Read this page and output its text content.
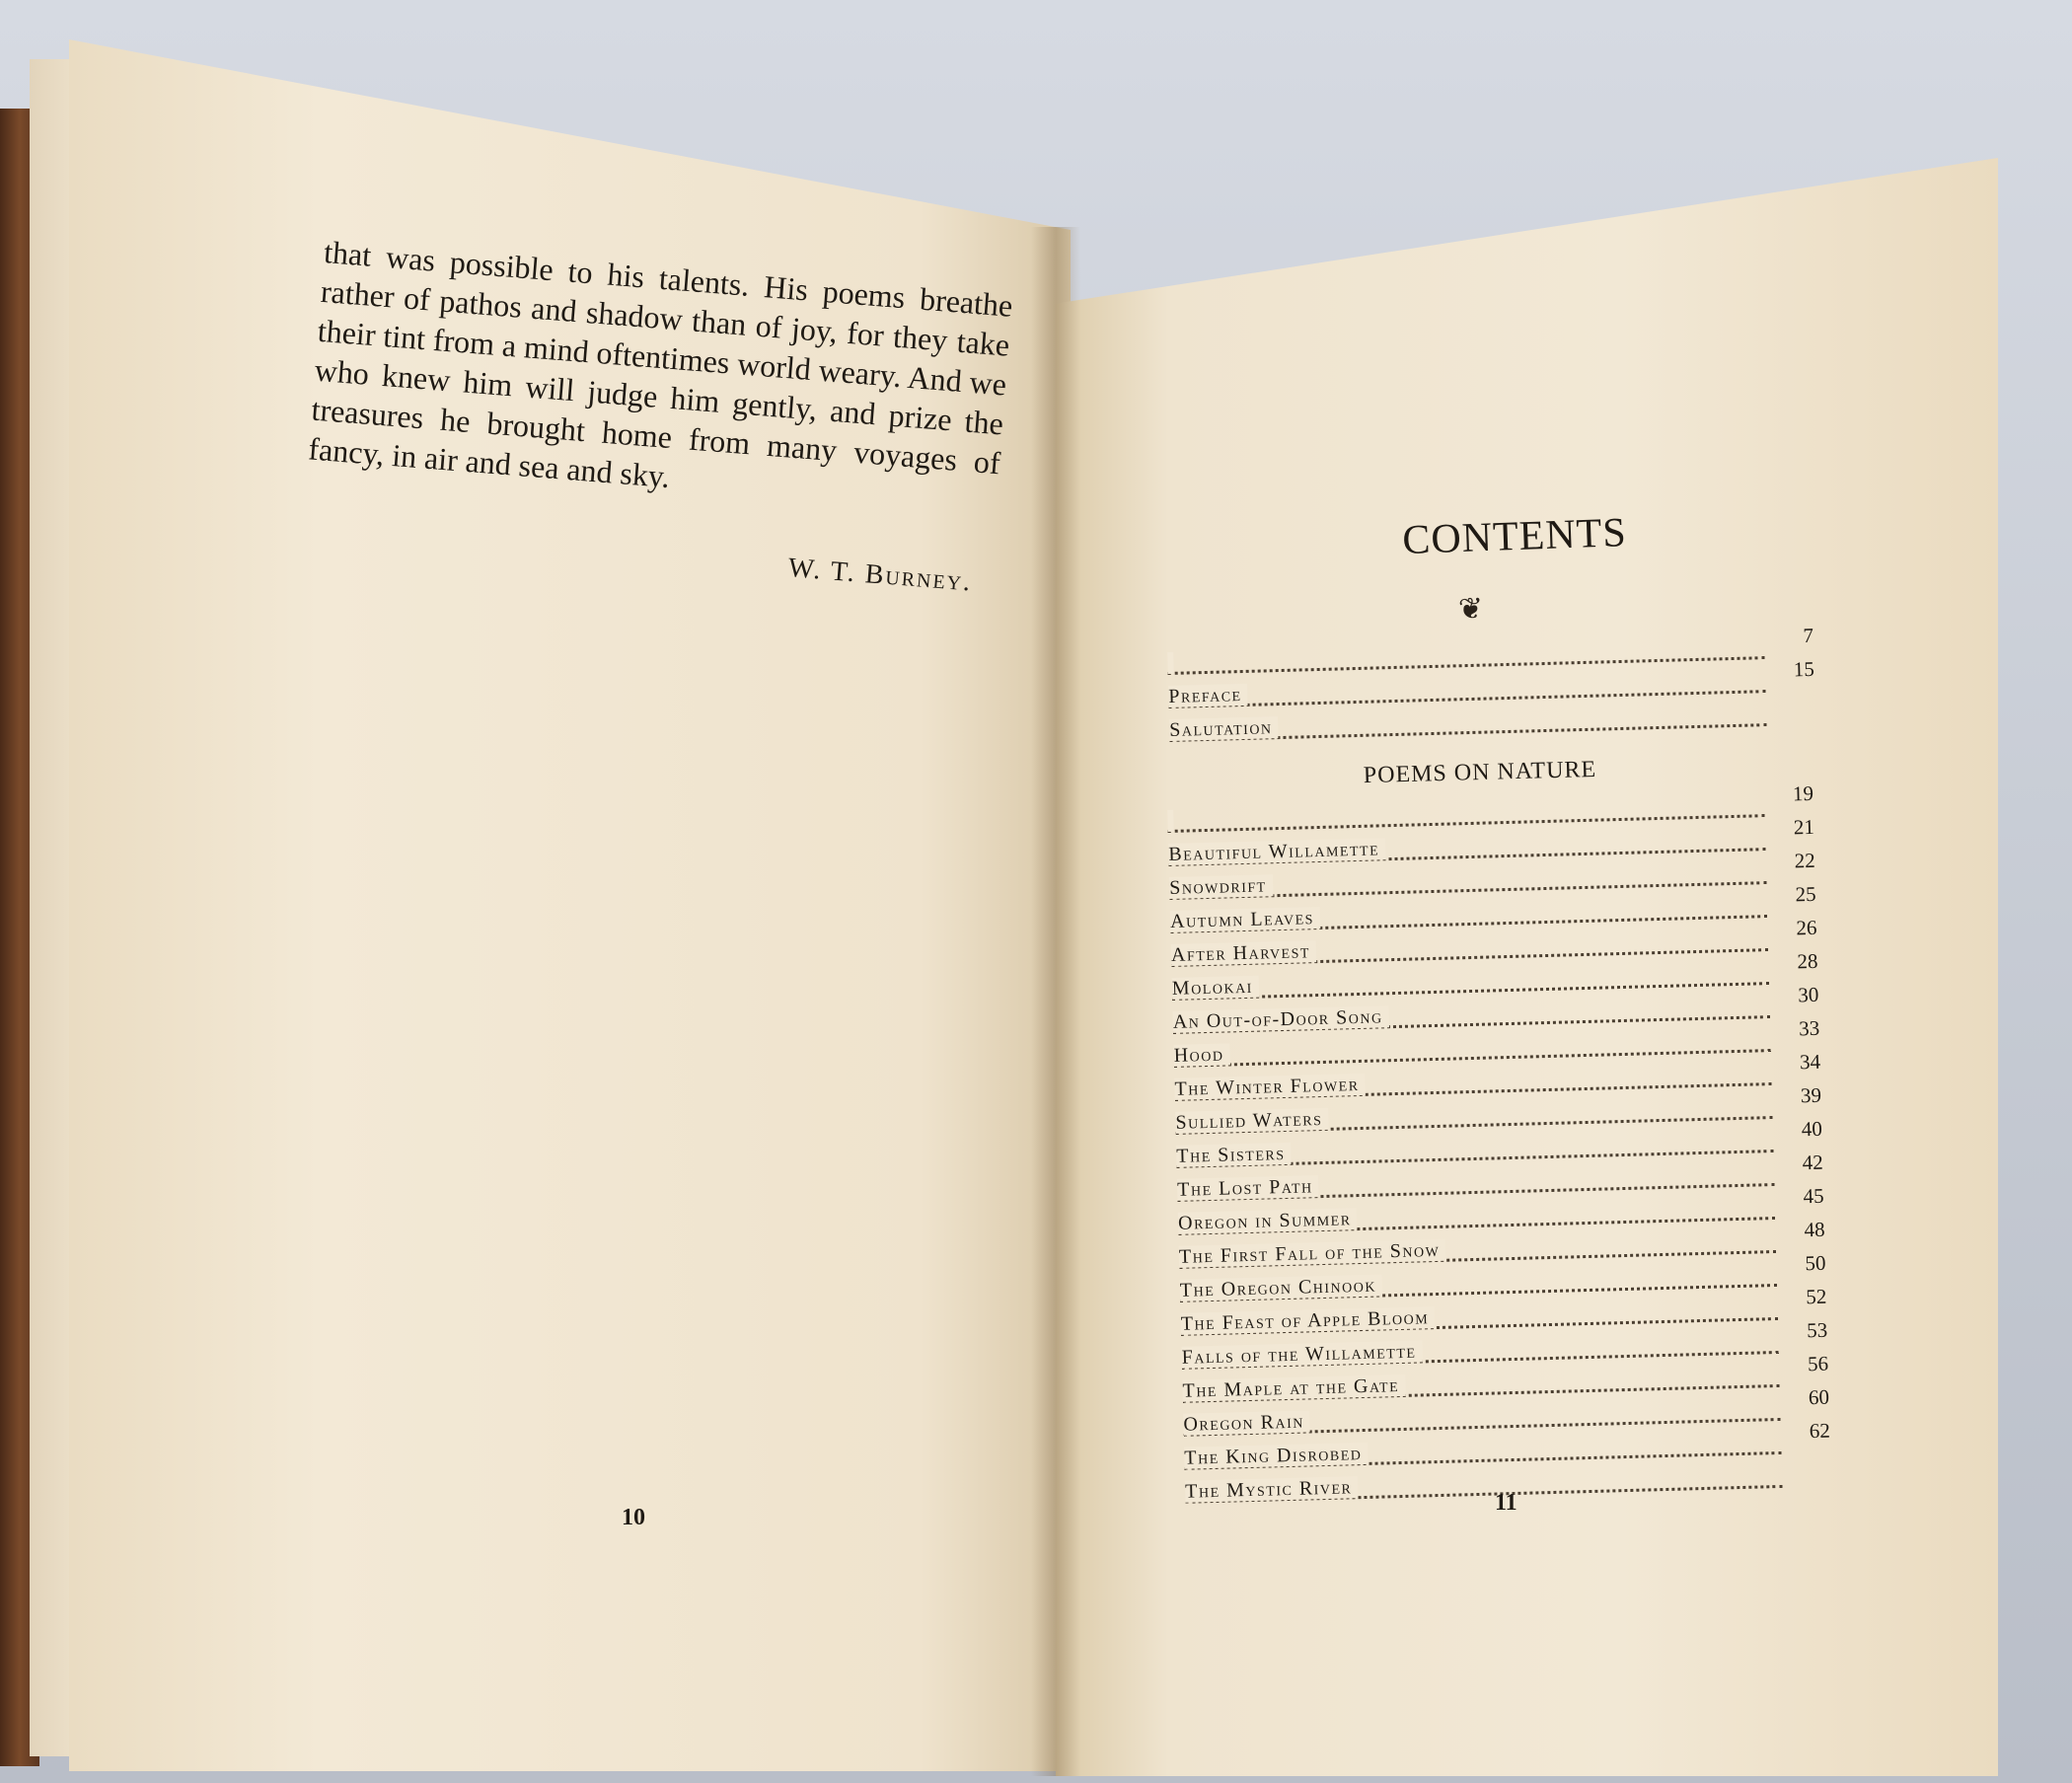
that was possible to his talents. His poems breathe rather of pathos and shadow than of joy, for they take their tint from a mind oftentimes world weary. And we who knew him will judge him gently, and prize the treasures he brought home from many voyages of fancy, in air and sea and sky.

W. T. Burney.
10
CONTENTS
❦
7
Preface
15
Salutation
POEMS ON NATURE
19
Beautiful Willamette
21
Snowdrift
22
Autumn Leaves
25
After Harvest
26
Molokai
28
An Out-of-Door Song
30
Hood
33
The Winter Flower
34
Sullied Waters
39
The Sisters
40
The Lost Path
42
Oregon in Summer
45
The First Fall of the Snow
48
The Oregon Chinook
50
The Feast of Apple Bloom
52
Falls of the Willamette
53
The Maple at the Gate
56
Oregon Rain
60
The King Disrobed
62
The Mystic River
11
